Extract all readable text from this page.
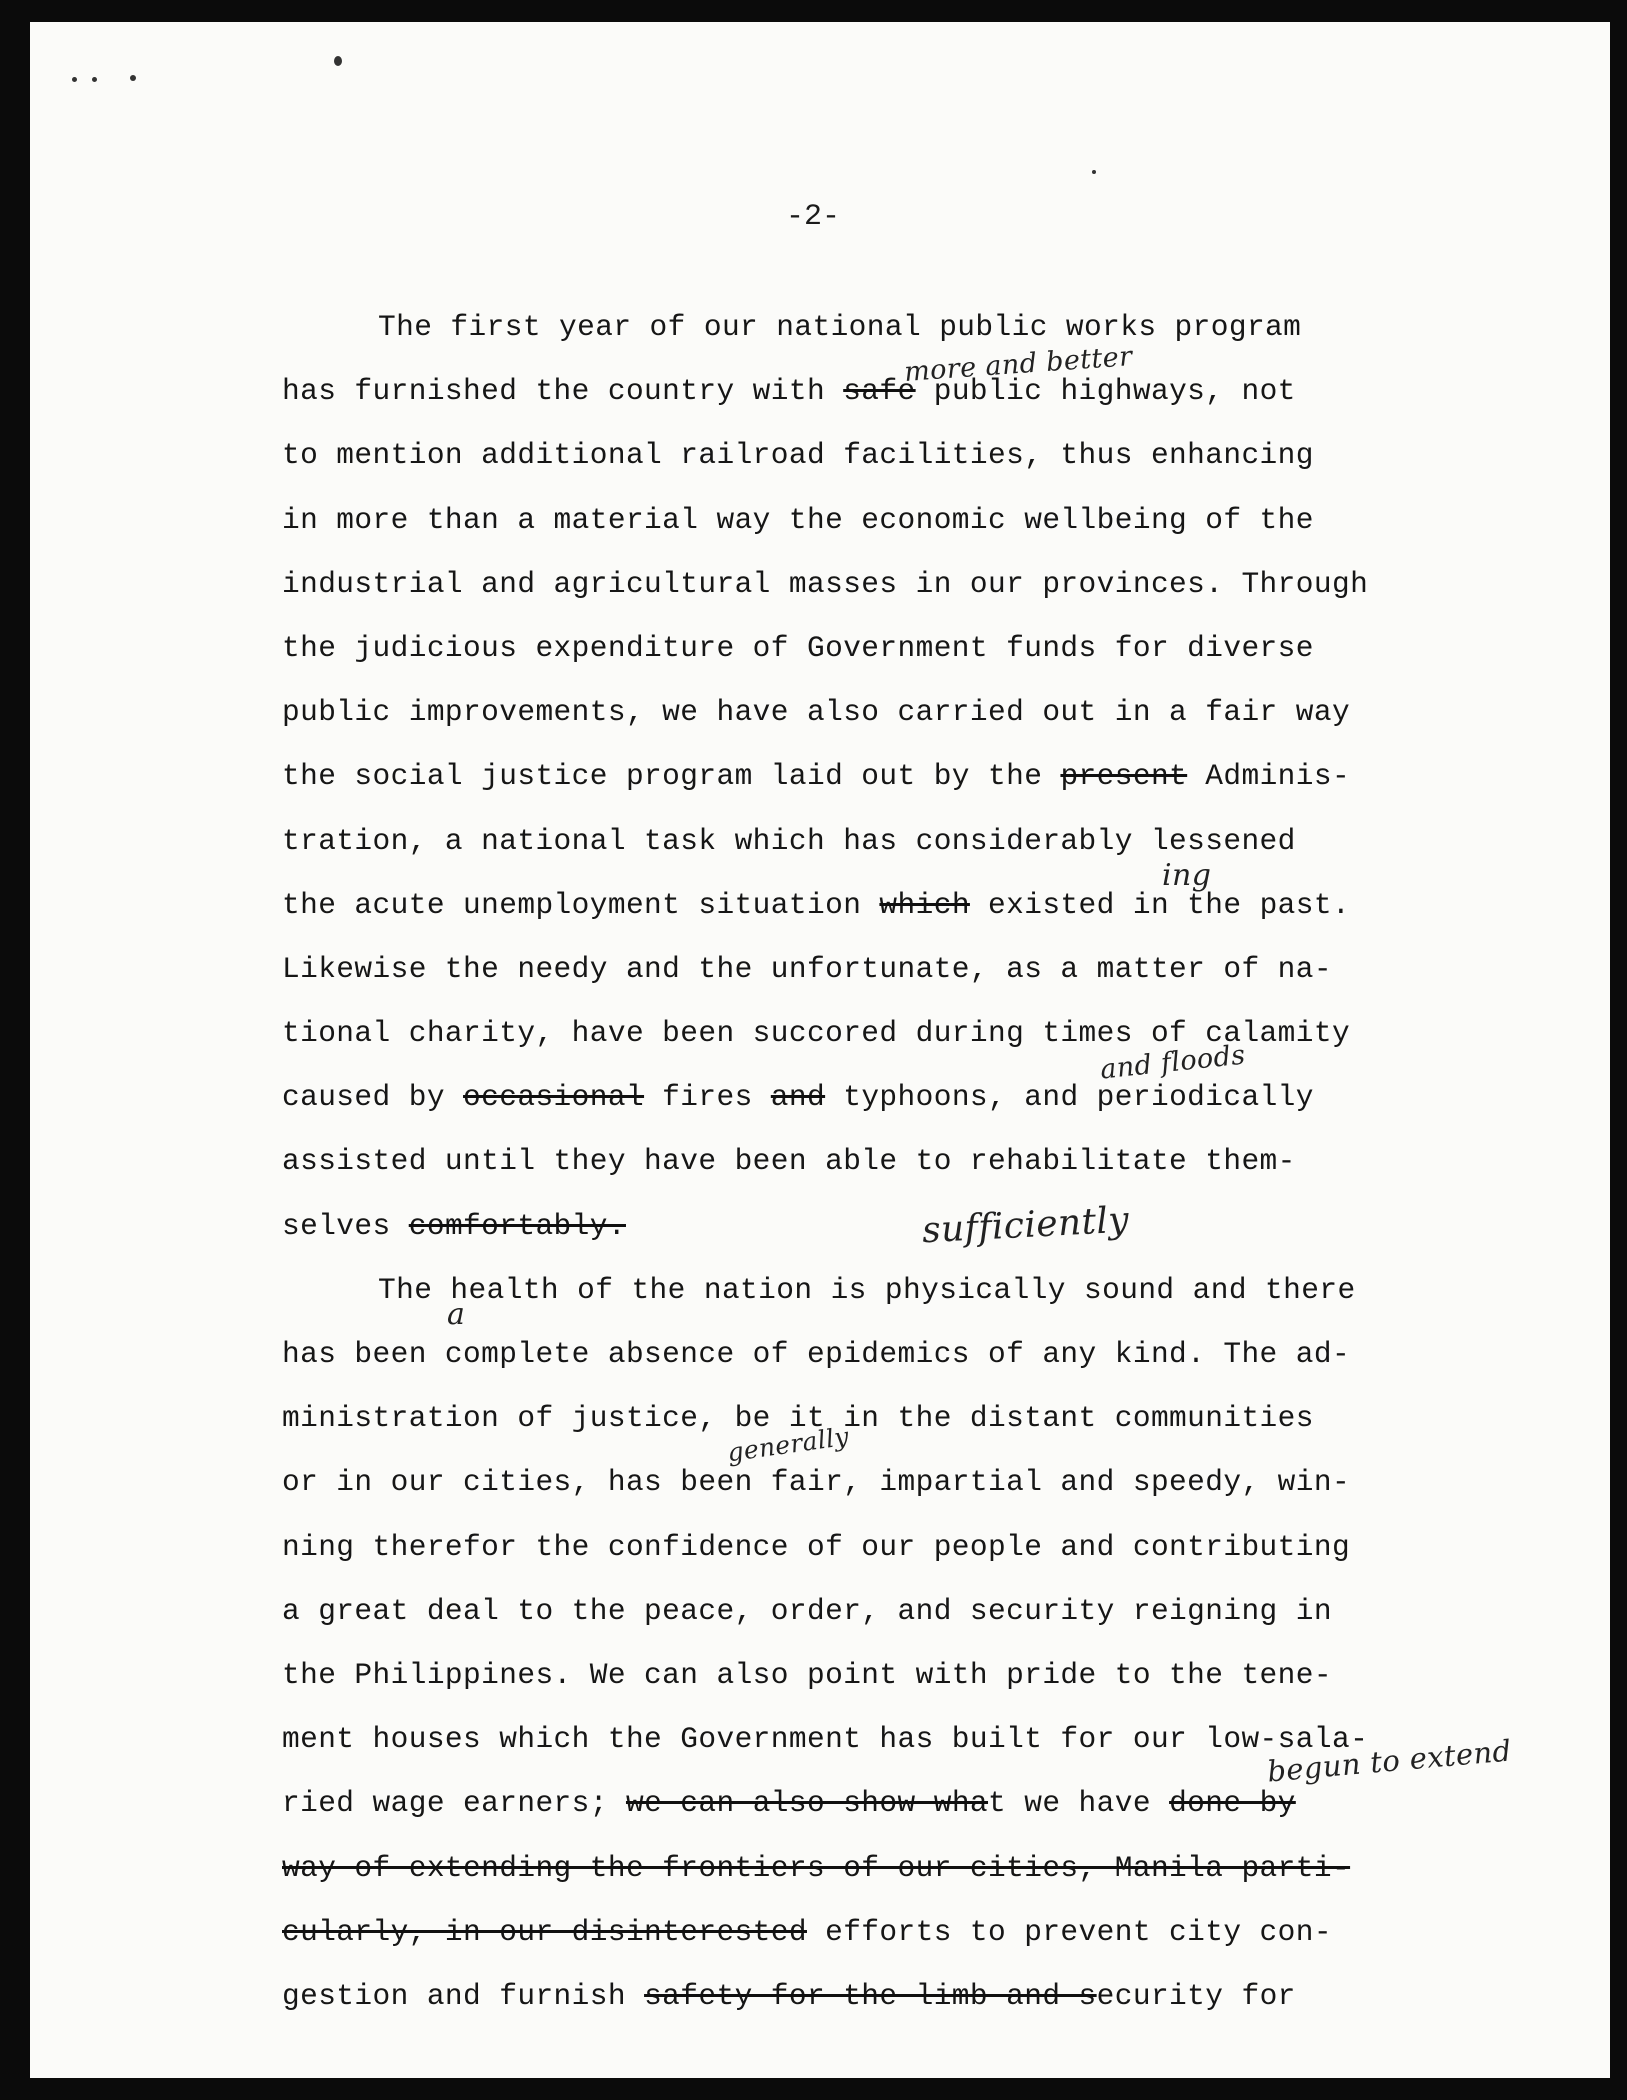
-2-
The first year of our national public works program
has furnished the country with safe public highways, not
more and better
to mention additional railroad facilities, thus enhancing
in more than a material way the economic wellbeing of the
industrial and agricultural masses in our provinces. Through
the judicious expenditure of Government funds for diverse
public improvements, we have also carried out in a fair way
the social justice program laid out by the present Adminis-
tration, a national task which has considerably lessened
the acute unemployment situation which existed in the past.
ing
Likewise the needy and the unfortunate, as a matter of na-
tional charity, have been succored during times of calamity
caused by occasional fires and typhoons, and periodically
and floods
assisted until they have been able to rehabilitate them-
selves comfortably.	sufficiently
The health of the nation is physically sound and there
has been complete absence of epidemics of any kind. The ad-
a
ministration of justice, be it in the distant communities
or in our cities, has been fair, impartial and speedy, win-
generally
ning therefor the confidence of our people and contributing
a great deal to the peace, order, and security reigning in
the Philippines. We can also point with pride to the tene-
ment houses which the Government has built for our low-sala-
ried wage earners; we can also show what we have done by
begun to extend
way of extending the frontiers of our cities, Manila parti-
cularly, in our disinterested efforts to prevent city con-
gestion and furnish safety for the limb and security for
